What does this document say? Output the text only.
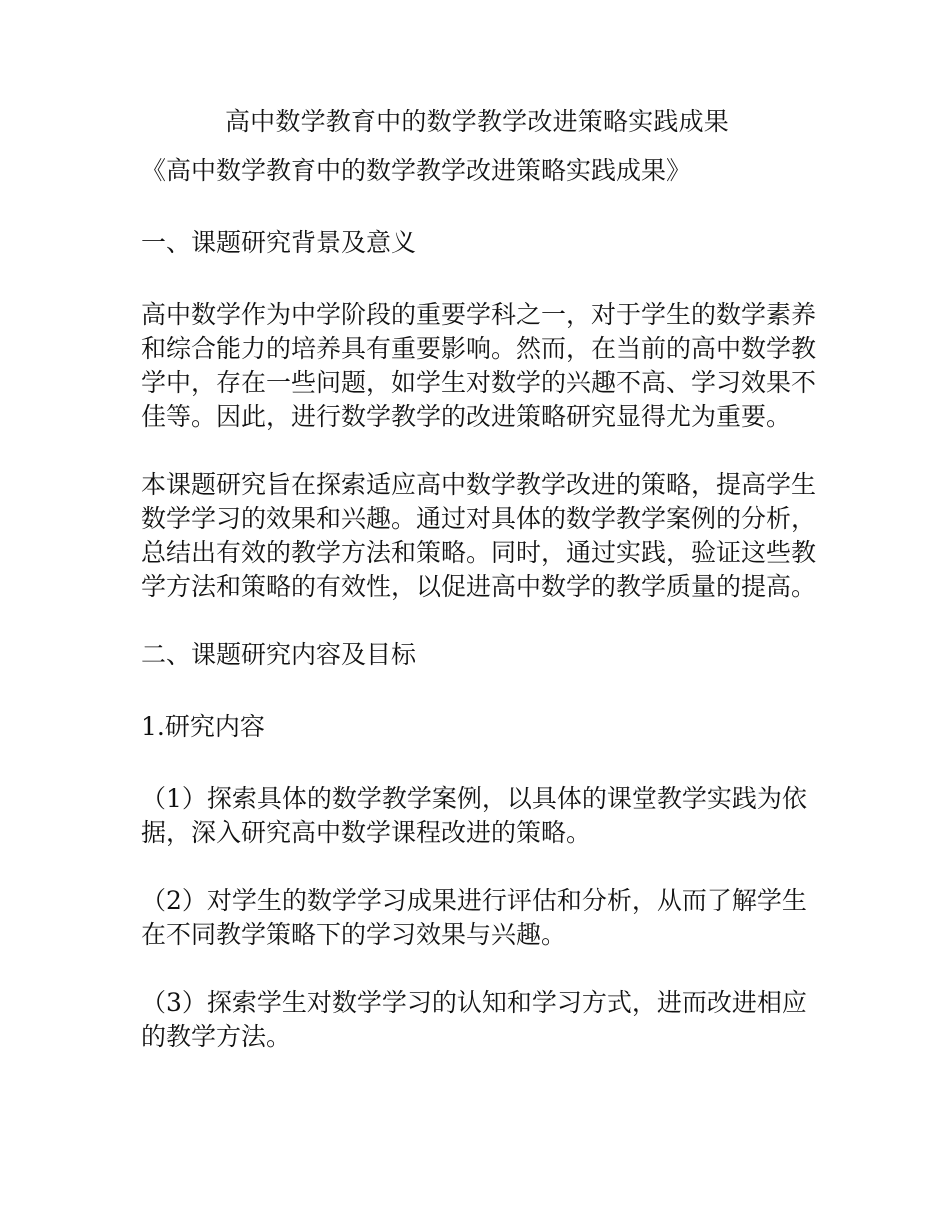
高中数学教育中的数学教学改进策略实践成果

《高中数学教育中的数学教学改进策略实践成果》

一、课题研究背景及意义

高中数学作为中学阶段的重要学科之一，对于学生的数学素养

和综合能力的培养具有重要影响。然而，在当前的高中数学教

学中，存在一些问题，如学生对数学的兴趣不高、学习效果不

佳等。因此，进行数学教学的改进策略研究显得尤为重要。

本课题研究旨在探索适应高中数学教学改进的策略，提高学生

数学学习的效果和兴趣。通过对具体的数学教学案例的分析，

总结出有效的教学方法和策略。同时，通过实践，验证这些教

学方法和策略的有效性，以促进高中数学的教学质量的提高。

二、课题研究内容及目标

1.研究内容

（1）探索具体的数学教学案例，以具体的课堂教学实践为依

据，深入研究高中数学课程改进的策略。

（2）对学生的数学学习成果进行评估和分析，从而了解学生

在不同教学策略下的学习效果与兴趣。

（3）探索学生对数学学习的认知和学习方式，进而改进相应

的教学方法。
